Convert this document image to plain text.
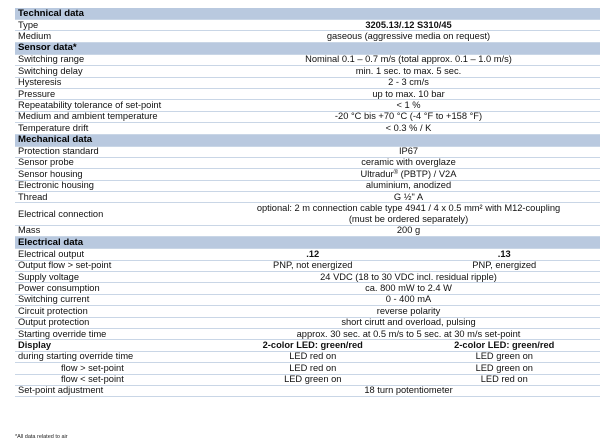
Technical data		
Type	3205.13/.12 S310/45	
Medium	gaseous (aggressive media on request)	
Sensor data*		
Switching range	Nominal 0.1 – 0.7 m/s (total approx. 0.1 – 1.0 m/s)	
Switching delay	min. 1 sec. to max. 5 sec.	
Hysteresis	2 - 3 cm/s	
Pressure	up to max. 10 bar	
Repeatability tolerance of set-point	< 1 %	
Medium and ambient temperature	-20 °C bis +70 °C (-4 °F to +158 °F)	
Temperature drift	< 0.3 % / K	
Mechanical data		
Protection standard	IP67	
Sensor probe	ceramic with overglaze	
Sensor housing	Ultradur® (PBTP) / V2A	
Electronic housing	aluminium, anodized	
Thread	G ½" A	
Electrical connection	optional: 2 m connection cable type 4941 / 4 x 0.5 mm² with M12-coupling
(must be ordered separately)	
Mass	200 g	
Electrical data		
Electrical output	.12	.13
Output flow > set-point	PNP, not energized	PNP, energized
Supply voltage	24 VDC (18 to 30 VDC incl. residual ripple)	
Power consumption	ca. 800 mW to 2.4 W	
Switching current	0 - 400 mA	
Circuit protection	reverse polarity	
Output protection	short cirutt and overload, pulsing	
Starting override time	approx. 30 sec. at 0.5 m/s to 5 sec. at 30 m/s set-point	
Display	2-color LED: green/red	2-color LED: green/red
during starting override time	LED red on	LED green on
flow > set-point	LED red on	LED green on
flow < set-point	LED green on	LED red on
Set-point adjustment	18 turn potentiometer	
*All data related to air
